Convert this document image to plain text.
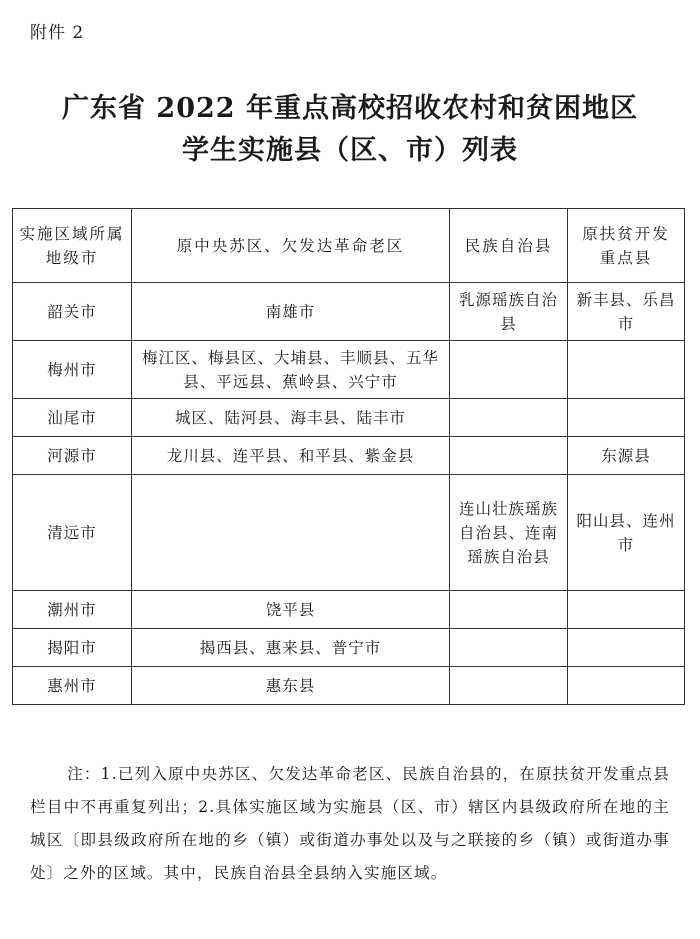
附件 2
广东省 2022 年重点高校招收农村和贫困地区
学生实施县（区、市）列表
实施区域所属地级市	原中央苏区、欠发达革命老区	民族自治县	原扶贫开发重点县
韶关市	南雄市	乳源瑶族自治县	新丰县、乐昌市
梅州市	梅江区、梅县区、大埔县、丰顺县、五华县、平远县、蕉岭县、兴宁市		
汕尾市	城区、陆河县、海丰县、陆丰市		
河源市	龙川县、连平县、和平县、紫金县		东源县
清远市		连山壮族瑶族自治县、连南瑶族自治县	阳山县、连州市
潮州市	饶平县		
揭阳市	揭西县、惠来县、普宁市		
惠州市	惠东县		
注：1.已列入原中央苏区、欠发达革命老区、民族自治县的，在原扶贫开发重点县栏目中不再重复列出；2.具体实施区域为实施县（区、市）辖区内县级政府所在地的主城区〔即县级政府所在地的乡（镇）或街道办事处以及与之联接的乡（镇）或街道办事处〕之外的区域。其中，民族自治县全县纳入实施区域。
